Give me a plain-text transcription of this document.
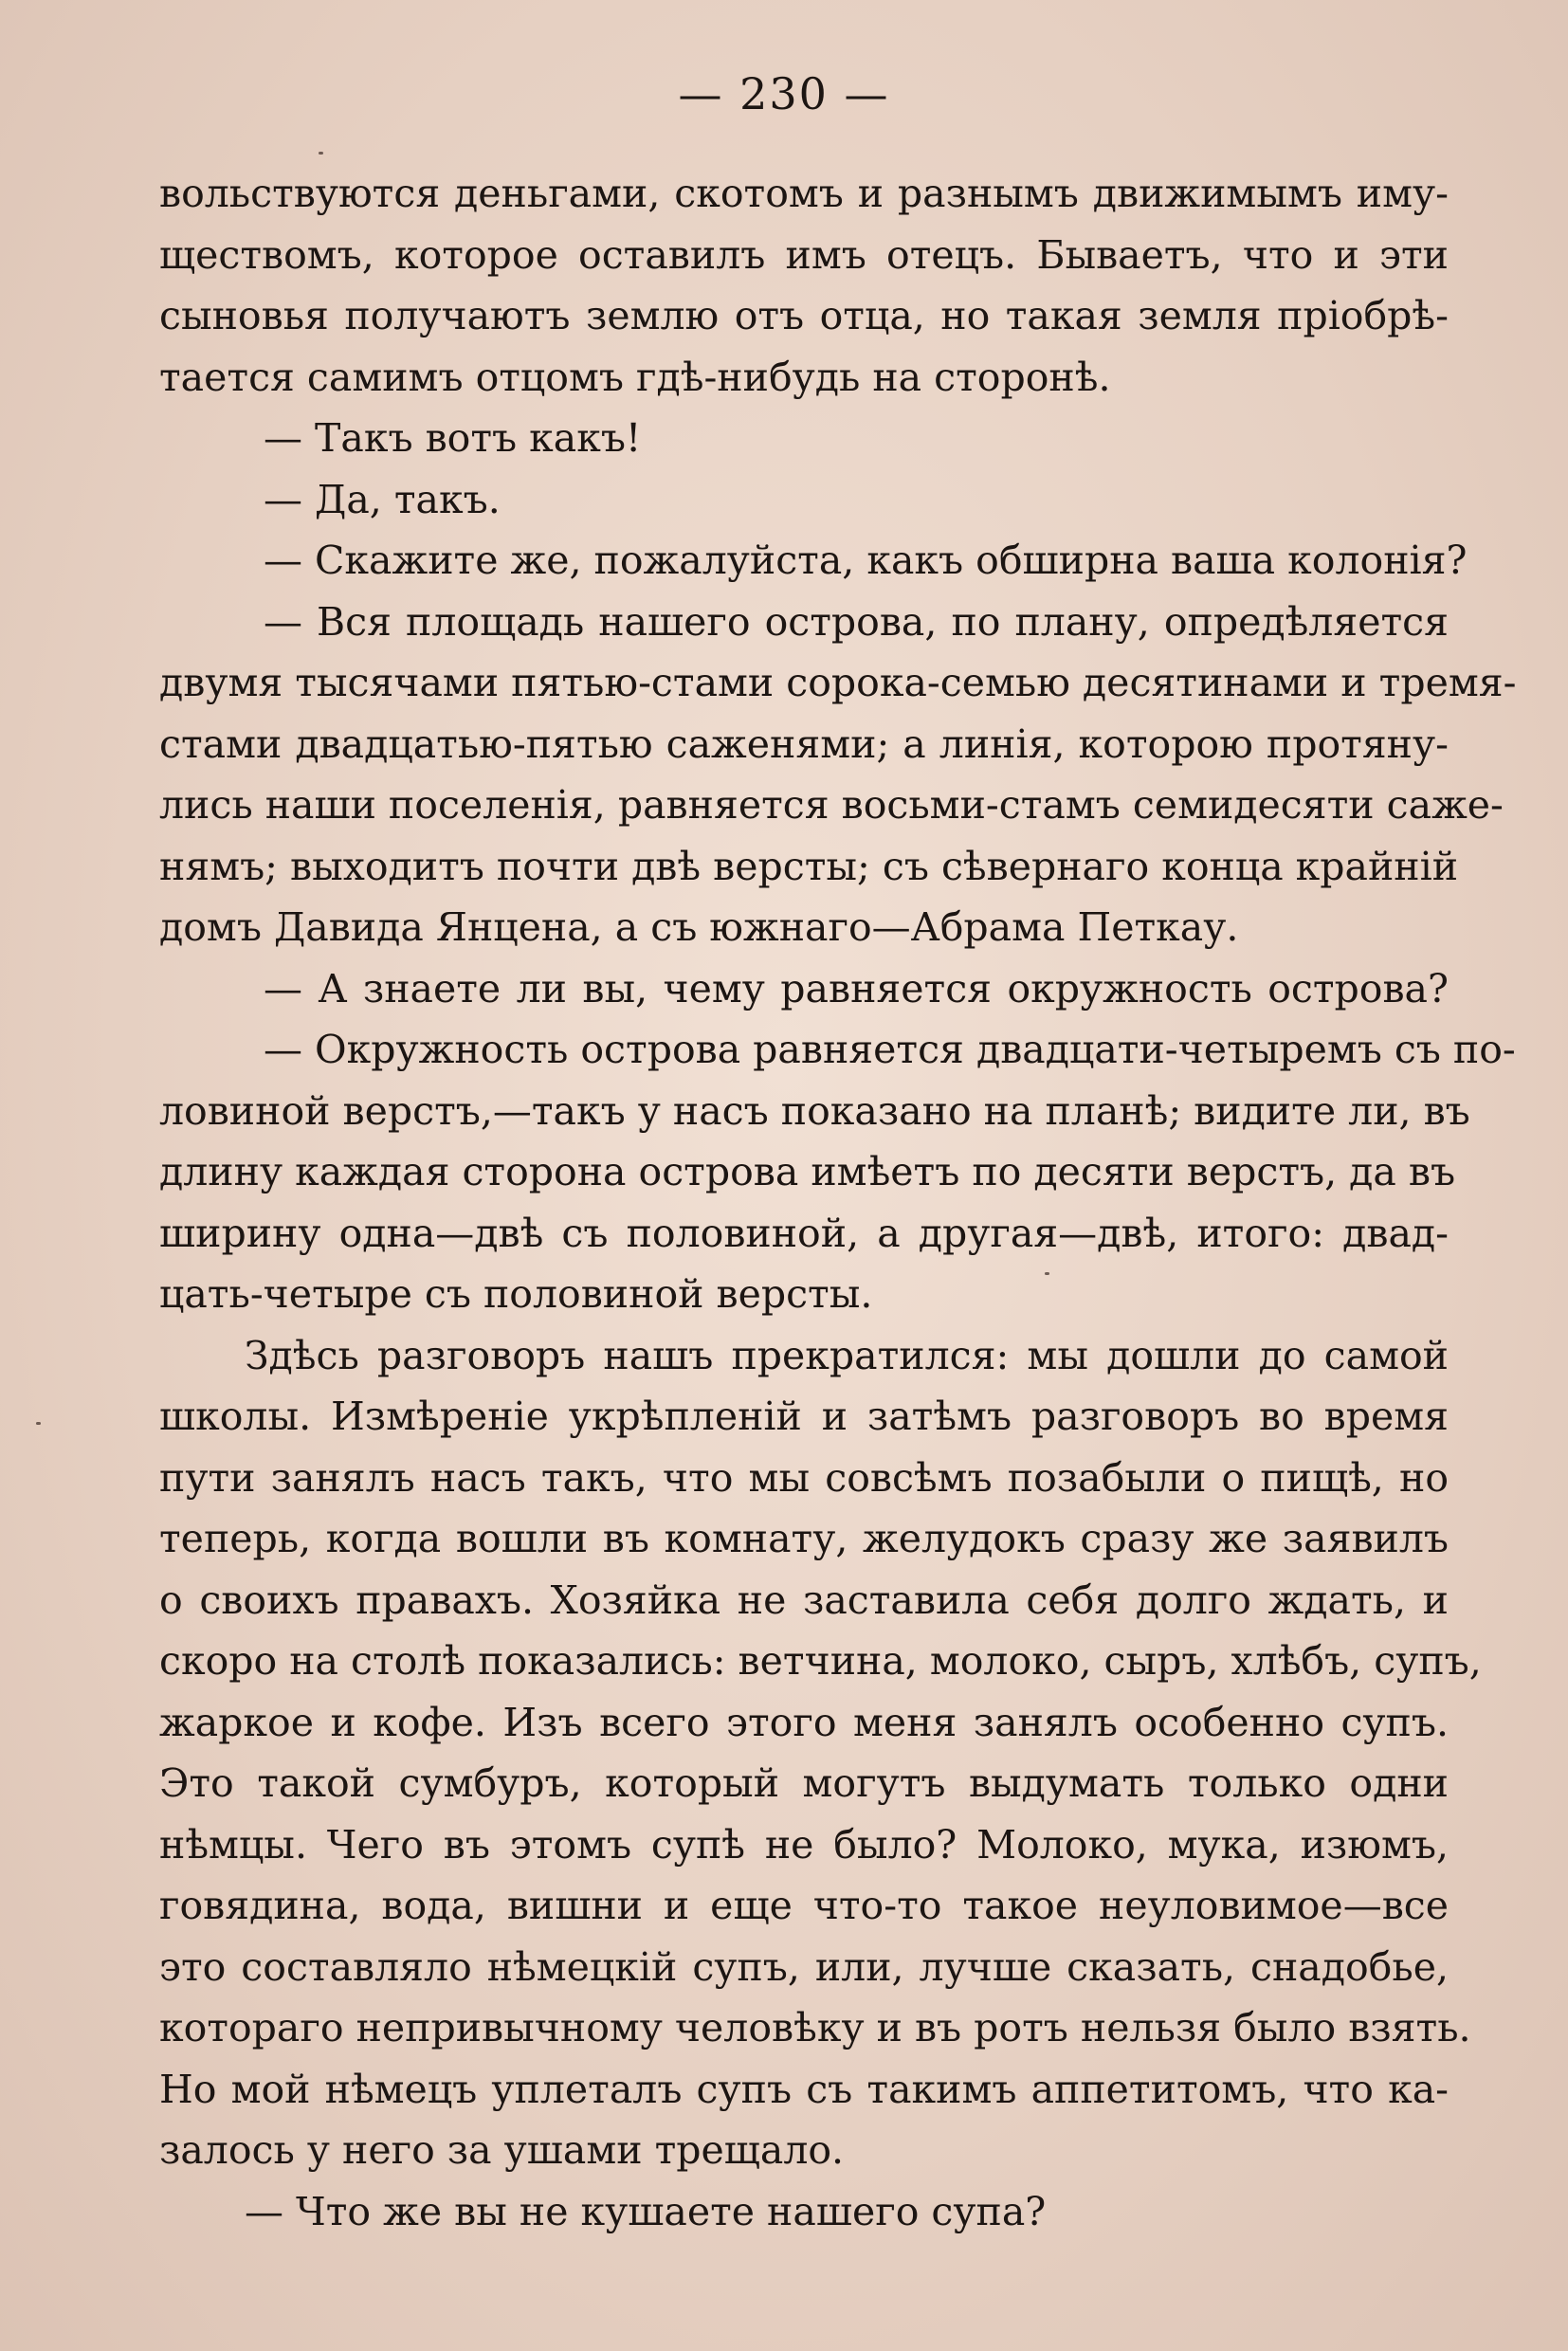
— 230 —
вольствуются деньгами, скотомъ и разнымъ движимымъ иму-
ществомъ, которое оставилъ имъ отецъ. Бываетъ, что и эти
сыновья получаютъ землю отъ отца, но такая земля пріобрѣ-
тается самимъ отцомъ гдѣ-нибудь на сторонѣ.
— Такъ вотъ какъ!
— Да, такъ.
— Скажите же, пожалуйста, какъ обширна ваша колонія?
— Вся площадь нашего острова, по плану, опредѣляется
двумя тысячами пятью-стами сорока-семью десятинами и тремя-
стами двадцатью-пятью саженями; а линія, которою протяну-
лись наши поселенія, равняется восьми-стамъ семидесяти саже-
нямъ; выходитъ почти двѣ версты; съ сѣвернаго конца крайній
домъ Давида Янцена, а съ южнаго—Абрама Петкау.
— А знаете ли вы, чему равняется окружность острова?
— Окружность острова равняется двадцати-четыремъ съ по-
ловиной верстъ,—такъ у насъ показано на планѣ; видите ли, въ
длину каждая сторона острова имѣетъ по десяти верстъ, да въ
ширину одна—двѣ съ половиной, а другая—двѣ, итого: двад-
цать-четыре съ половиной версты.
Здѣсь разговоръ нашъ прекратился: мы дошли до самой
школы. Измѣреніе укрѣпленій и затѣмъ разговоръ во время
пути занялъ насъ такъ, что мы совсѣмъ позабыли о пищѣ, но
теперь, когда вошли въ комнату, желудокъ сразу же заявилъ
о своихъ правахъ. Хозяйка не заставила себя долго ждать, и
скоро на столѣ показались: ветчина, молоко, сыръ, хлѣбъ, супъ,
жаркое и кофе. Изъ всего этого меня занялъ особенно супъ.
Это такой сумбуръ, который могутъ выдумать только одни
нѣмцы. Чего въ этомъ супѣ не было? Молоко, мука, изюмъ,
говядина, вода, вишни и еще что-то такое неуловимое—все
это составляло нѣмецкій супъ, или, лучше сказать, снадобье,
котораго непривычному человѣку и въ ротъ нельзя было взять.
Но мой нѣмецъ уплеталъ супъ съ такимъ аппетитомъ, что ка-
залось у него за ушами трещало.
— Что же вы не кушаете нашего супа?
